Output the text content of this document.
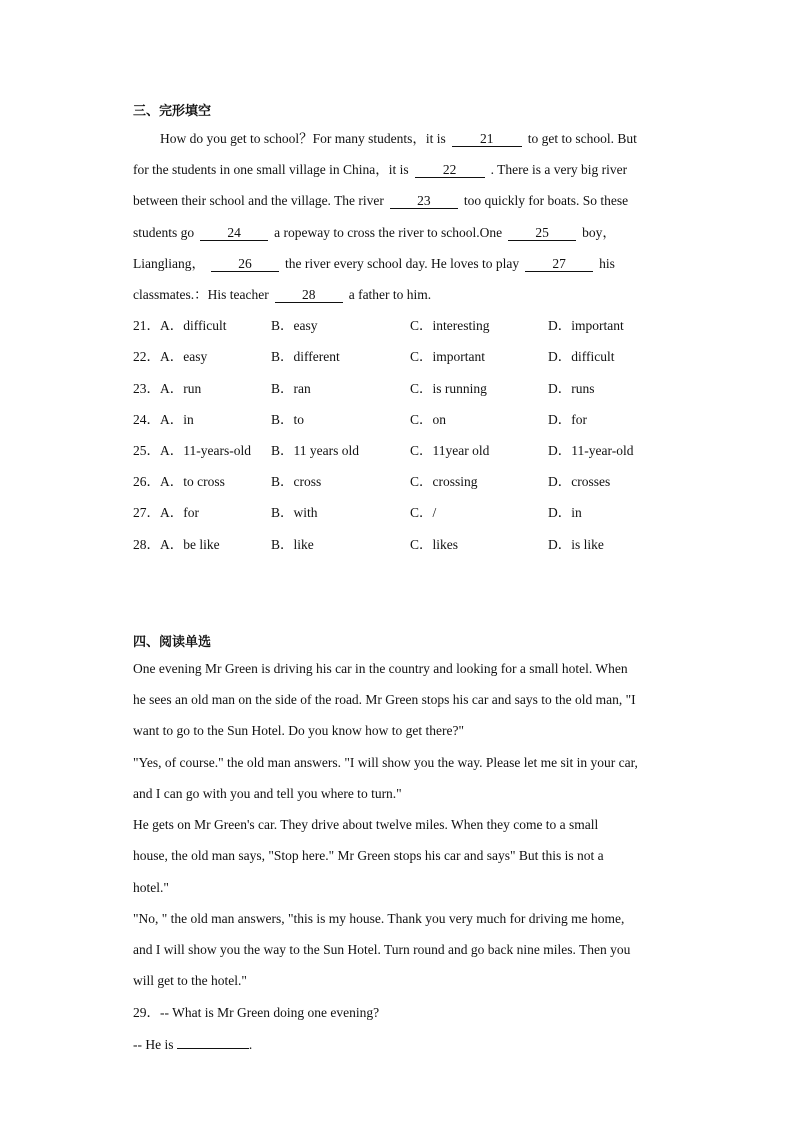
三、完形填空
How do you get to school？For many students，it is	21	to get to school. But
for the students in one small village in China，it is	22	. There is a very big river
between their school and the village. The river 23 too quickly for boats. So these
students go 24 a ropeway to cross the river to school.One 25 boy，
Liangliang， 26 the river every school day. He loves to play 27 his
classmates.：His teacher 28 a father to him.
21． A．difficult	B．easy	C．interesting	D．important
22． A．easy	B．different	C．important	D．difficult
23． A．run	B．ran	C．is running	D．runs
24． A．in	B．to	C．on	D．for
25． A．11-years-old B．11 years old	C．11year old	D．11-year-old
26． A．to cross	B．cross	C．crossing	D．crosses
27． A．for	B．with	C．/	D．in
28． A．be like	B．like	C．likes	D．is like
四、阅读单选
One evening Mr Green is driving his car in the country and looking for a small hotel. When
he sees an old man on the side of the road. Mr Green stops his car and says to the old man, "I
want to go to the Sun Hotel. Do you know how to get there?"
"Yes, of course." the old man answers. "I will show you the way. Please let me sit in your car,
and I can go with you and tell you where to turn."
He gets on Mr Green's car. They drive about twelve miles. When they come to a small
house, the old man says, "Stop here." Mr Green stops his car and says" But this is not a
hotel."
"No, " the old man answers, "this is my house. Thank you very much for driving me home,
and I will show you the way to the Sun Hotel. Turn round and go back nine miles. Then you
will get to the hotel."
29．-- What is Mr Green doing one evening?
-- He is	.
